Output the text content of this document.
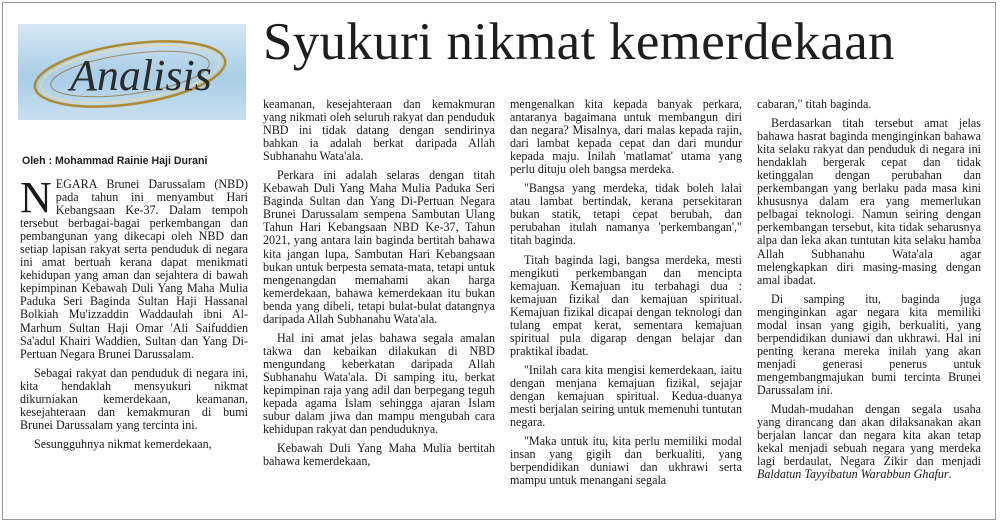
Analisis
Oleh : Mohammad Rainie Haji Durani
Syukuri nikmat kemerdekaan

NEGARA Brunei Darussalam (NBD) pada tahun ini menyambut Hari Kebangsaan Ke-37. Dalam tempoh tersebut berbagai-bagai perkembangan dan pembangunan yang dikecapi oleh NBD dan setiap lapisan rakyat serta penduduk di negara ini amat bertuah kerana dapat menikmati kehidupan yang aman dan sejahtera di bawah kepimpinan Kebawah Duli Yang Maha Mulia Paduka Seri Baginda Sultan Haji Hassanal Bolkiah Mu'izzaddin Waddaulah ibni Al-Marhum Sultan Haji Omar 'Ali Saifuddien Sa'adul Khairi Waddien, Sultan dan Yang Di-Pertuan Negara Brunei Darussalam.

Sebagai rakyat dan penduduk di negara ini, kita hendaklah mensyukuri nikmat dikurniakan kemerdekaan, keamanan, kesejahteraan dan kemakmuran di bumi Brunei Darussalam yang tercinta ini.

Sesungguhnya nikmat kemerdekaan,

keamanan, kesejahteraan dan kemakmuran yang nikmati oleh seluruh rakyat dan penduduk NBD ini tidak datang dengan sendirinya bahkan ia adalah berkat daripada Allah Subhanahu Wata'ala.

Perkara ini adalah selaras dengan titah Kebawah Duli Yang Maha Mulia Paduka Seri Baginda Sultan dan Yang Di-Pertuan Negara Brunei Darussalam sempena Sambutan Ulang Tahun Hari Kebangsaan NBD Ke-37, Tahun 2021, yang antara lain baginda bertitah bahawa kita jangan lupa, Sambutan Hari Kebangsaan bukan untuk berpesta semata-mata, tetapi untuk mengenangdan memahami akan harga kemerdekaan, bahawa kemerdekaan itu bukan benda yang dibeli, tetapi bulat-bulat datangnya daripada Allah Subhanahu Wata'ala.

Hal ini amat jelas bahawa segala amalan takwa dan kebaikan dilakukan di NBD mengundang keberkatan daripada Allah Subhanahu Wata'ala. Di samping itu, berkat kepimpinan raja yang adil dan berpegang teguh kepada agama Islam sehingga ajaran Islam subur dalam jiwa dan mampu mengubah cara kehidupan rakyat dan penduduknya.

Kebawah Duli Yang Maha Mulia bertitah bahawa kemerdekaan,

mengenalkan kita kepada banyak perkara, antaranya bagaimana untuk membangun diri dan negara? Misalnya, dari malas kepada rajin, dari lambat kepada cepat dan dari mundur kepada maju. Inilah 'matlamat' utama yang perlu dituju oleh bangsa merdeka.

"Bangsa yang merdeka, tidak boleh lalai atau lambat bertindak, kerana persekitaran bukan statik, tetapi cepat berubah, dan perubahan itulah namanya 'perkembangan'," titah baginda.

Titah baginda lagi, bangsa merdeka, mesti mengikuti perkembangan dan mencipta kemajuan. Kemajuan itu terbahagi dua : kemajuan fizikal dan kemajuan spiritual. Kemajuan fizikal dicapai dengan teknologi dan tulang empat kerat, sementara kemajuan spiritual pula digarap dengan belajar dan praktikal ibadat.

"Inilah cara kita mengisi kemerdekaan, iaitu dengan menjana kemajuan fizikal, sejajar dengan kemajuan spiritual. Kedua-duanya mesti berjalan seiring untuk memenuhi tuntutan negara.

"Maka untuk itu, kita perlu memiliki modal insan yang gigih dan berkualiti, yang berpendidikan duniawi dan ukhrawi serta mampu untuk menangani segala

cabaran," titah baginda.

Berdasarkan titah tersebut amat jelas bahawa hasrat baginda menginginkan bahawa kita selaku rakyat dan penduduk di negara ini hendaklah bergerak cepat dan tidak ketinggalan dengan perubahan dan perkembangan yang berlaku pada masa kini khususnya dalam era yang memerlukan pelbagai teknologi. Namun seiring dengan perkembangan tersebut, kita tidak seharusnya alpa dan leka akan tuntutan kita selaku hamba Allah Subhanahu Wata'ala agar melengkapkan diri masing-masing dengan amal ibadat.

Di samping itu, baginda juga menginginkan agar negara kita memiliki modal insan yang gigih, berkualiti, yang berpendidikan duniawi dan ukhrawi. Hal ini penting kerana mereka inilah yang akan menjadi generasi penerus untuk mengembangmajukan bumi tercinta Brunei Darussalam ini.

Mudah-mudahan dengan segala usaha yang dirancang dan akan dilaksanakan akan berjalan lancar dan negara kita akan tetap kekal menjadi sebuah negara yang merdeka lagi berdaulat, Negara Zikir dan menjadi Baldatun Tayyibatun Warabbun Ghafur.
